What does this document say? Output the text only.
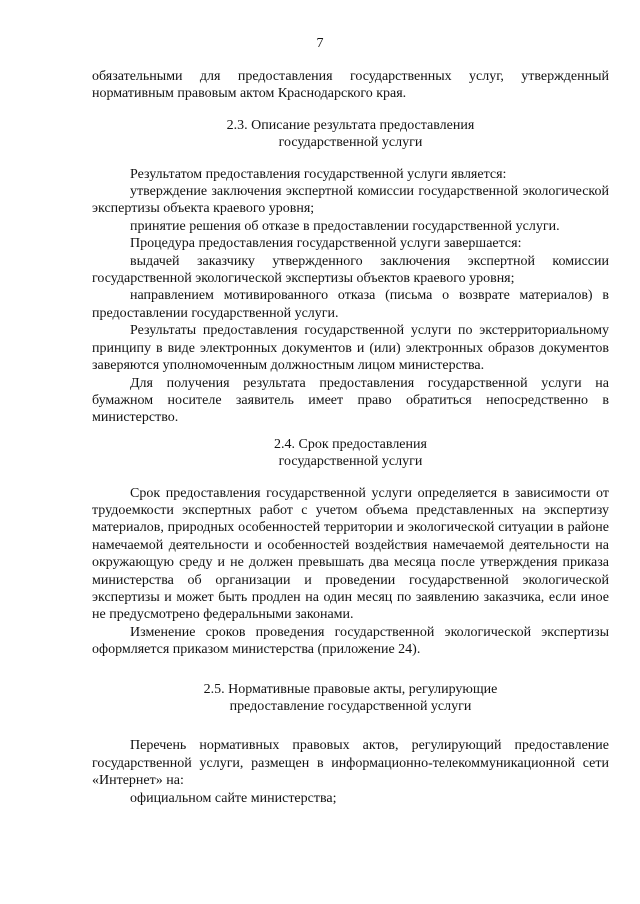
7

обязательными для предоставления государственных услуг, утвержденный нормативным правовым актом Краснодарского края.

2.3. Описание результата предоставления

государственной услуги

Результатом предоставления государственной услуги является:

утверждение заключения экспертной комиссии государственной экологической экспертизы объекта краевого уровня;

принятие решения об отказе в предоставлении государственной услуги.

Процедура предоставления государственной услуги завершается:

выдачей заказчику утвержденного заключения экспертной комиссии государственной экологической экспертизы объектов краевого уровня;

направлением мотивированного отказа (письма о возврате материалов) в предоставлении государственной услуги.

Результаты предоставления государственной услуги по экстерриториальному принципу в виде электронных документов и (или) электронных образов документов заверяются уполномоченным должностным лицом министерства.

Для получения результата предоставления государственной услуги на бумажном носителе заявитель имеет право обратиться непосредственно в министерство.

2.4. Срок предоставления

государственной услуги

Срок предоставления государственной услуги определяется в зависимости от трудоемкости экспертных работ с учетом объема представленных на экспертизу материалов, природных особенностей территории и экологической ситуации в районе намечаемой деятельности и особенностей воздействия намечаемой деятельности на окружающую среду и не должен превышать два месяца после утверждения приказа министерства об организации и проведении государственной экологической экспертизы и может быть продлен на один месяц по заявлению заказчика, если иное не предусмотрено федеральными законами.

Изменение сроков проведения государственной экологической экспертизы оформляется приказом министерства (приложение 24).

2.5. Нормативные правовые акты, регулирующие

предоставление государственной услуги

Перечень нормативных правовых актов, регулирующий предоставление государственной услуги, размещен в информационно-телекоммуникационной сети «Интернет» на:

официальном сайте министерства;
